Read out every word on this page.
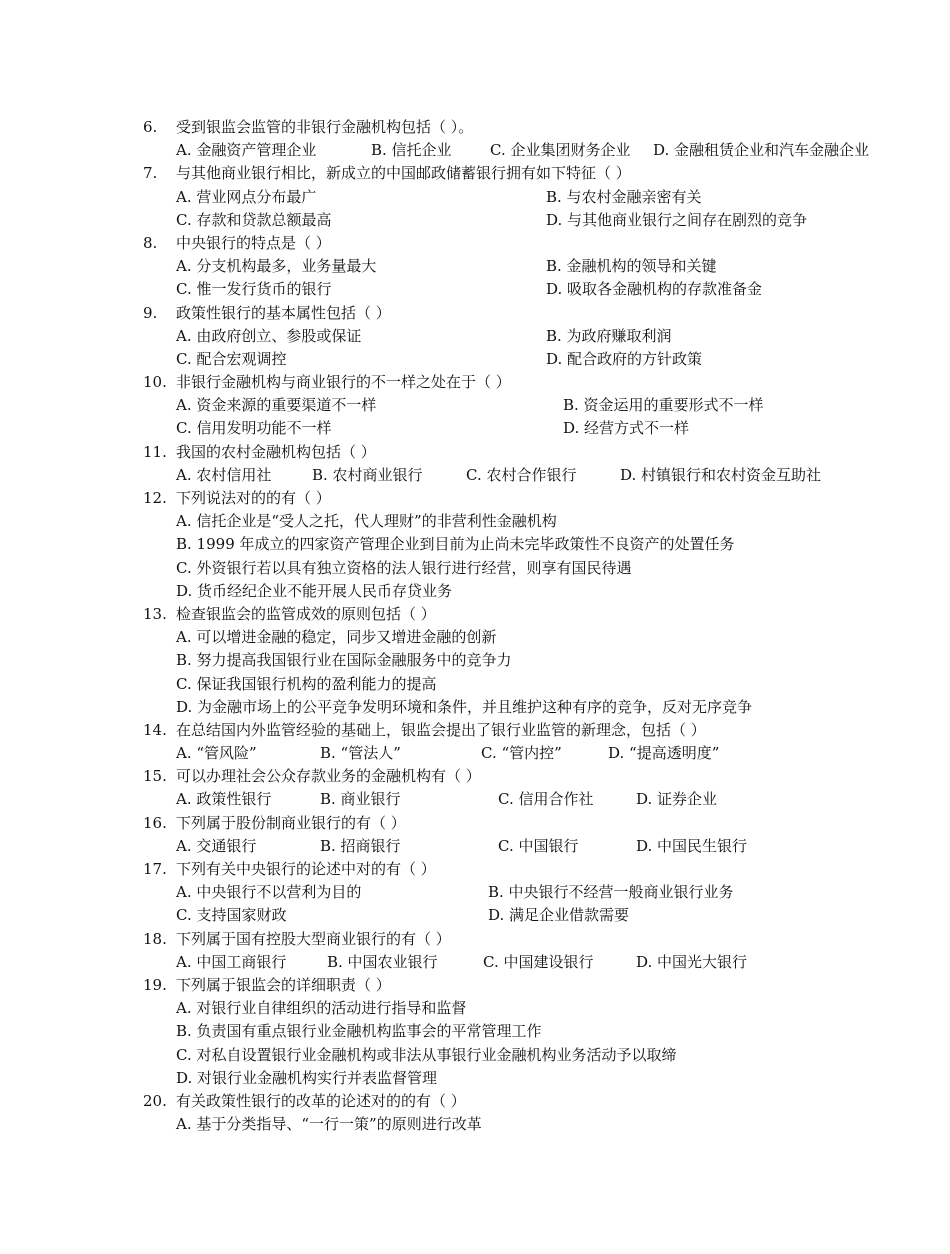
6. 受到银监会监管的非银行金融机构包括（ ）。
A. 金融资产管理企业	B. 信托企业	C. 企业集团财务企业 D. 金融租赁企业和汽车金融企业
7. 与其他商业银行相比，新成立的中国邮政储蓄银行拥有如下特征（ ）
A. 营业网点分布最广	B. 与农村金融亲密有关
C. 存款和贷款总额最高	D. 与其他商业银行之间存在剧烈的竞争
8. 中央银行的特点是（ ）
A. 分支机构最多，业务量最大	B. 金融机构的领导和关键
C. 惟一发行货币的银行	D. 吸取各金融机构的存款准备金
9. 政策性银行的基本属性包括（ ）
A. 由政府创立、参股或保证	B. 为政府赚取利润
C. 配合宏观调控	D. 配合政府的方针政策
10. 非银行金融机构与商业银行的不一样之处在于（ ）
A. 资金来源的重要渠道不一样	B. 资金运用的重要形式不一样
C. 信用发明功能不一样	D. 经营方式不一样
11. 我国的农村金融机构包括（ ）
A. 农村信用社	B. 农村商业银行	C. 农村合作银行	D. 村镇银行和农村资金互助社
12. 下列说法对的的有（ ）
A. 信托企业是“受人之托，代人理财”的非营利性金融机构
B. 1999 年成立的四家资产管理企业到目前为止尚未完毕政策性不良资产的处置任务
C. 外资银行若以具有独立资格的法人银行进行经营，则享有国民待遇
D. 货币经纪企业不能开展人民币存贷业务
13. 检查银监会的监管成效的原则包括（ ）
A. 可以增进金融的稳定，同步又增进金融的创新
B. 努力提高我国银行业在国际金融服务中的竞争力
C. 保证我国银行机构的盈利能力的提高
D. 为金融市场上的公平竞争发明环境和条件，并且维护这种有序的竞争，反对无序竞争
14. 在总结国内外监管经验的基础上，银监会提出了银行业监管的新理念，包括（ ）
A. “管风险”	B. “管法人”	C. “管内控”	D. “提高透明度”
15. 可以办理社会公众存款业务的金融机构有（ ）
A. 政策性银行	B. 商业银行	C. 信用合作社	D. 证券企业
16. 下列属于股份制商业银行的有（ ）
A. 交通银行	B. 招商银行	C. 中国银行	D. 中国民生银行
17. 下列有关中央银行的论述中对的有（ ）
A. 中央银行不以营利为目的	B. 中央银行不经营一般商业银行业务
C. 支持国家财政	D. 满足企业借款需要
18. 下列属于国有控股大型商业银行的有（ ）
A. 中国工商银行	B. 中国农业银行	C. 中国建设银行	D. 中国光大银行
19. 下列属于银监会的详细职责（ ）
A. 对银行业自律组织的活动进行指导和监督
B. 负责国有重点银行业金融机构监事会的平常管理工作
C. 对私自设置银行业金融机构或非法从事银行业金融机构业务活动予以取缔
D. 对银行业金融机构实行并表监督管理
20. 有关政策性银行的改革的论述对的的有（ ）
A. 基于分类指导、“一行一策”的原则进行改革
